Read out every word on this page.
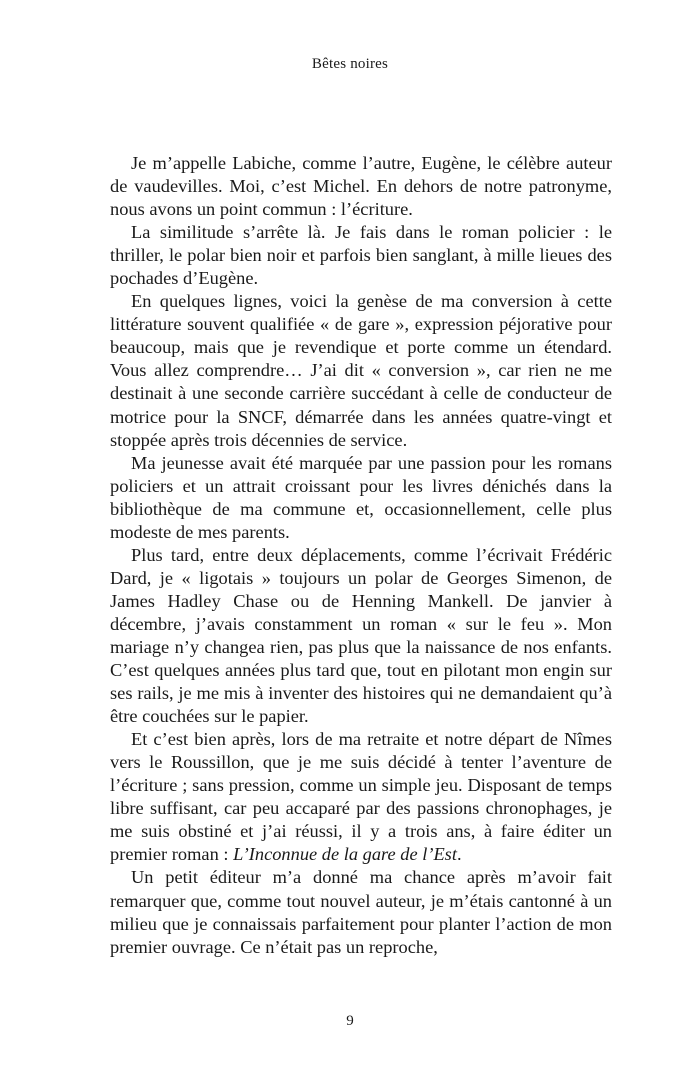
Bêtes noires

Je m’appelle Labiche, comme l’autre, Eugène, le célèbre auteur de vaudevilles. Moi, c’est Michel. En dehors de notre patronyme, nous avons un point commun : l’écriture.

La similitude s’arrête là. Je fais dans le roman policier : le thriller, le polar bien noir et parfois bien sanglant, à mille lieues des pochades d’Eugène.

En quelques lignes, voici la genèse de ma conversion à cette littérature souvent qualifiée « de gare », expression péjorative pour beaucoup, mais que je revendique et porte comme un étendard. Vous allez comprendre… J’ai dit « conversion », car rien ne me destinait à une seconde carrière succédant à celle de conducteur de motrice pour la SNCF, démarrée dans les années quatre-vingt et stoppée après trois décennies de service.

Ma jeunesse avait été marquée par une passion pour les romans policiers et un attrait croissant pour les livres dénichés dans la bibliothèque de ma commune et, occasionnellement, celle plus modeste de mes parents.

Plus tard, entre deux déplacements, comme l’écrivait Frédéric Dard, je « ligotais » toujours un polar de Georges Simenon, de James Hadley Chase ou de Henning Mankell. De janvier à décembre, j’avais constamment un roman « sur le feu ». Mon mariage n’y changea rien, pas plus que la naissance de nos enfants. C’est quelques années plus tard que, tout en pilotant mon engin sur ses rails, je me mis à inventer des histoires qui ne demandaient qu’à être couchées sur le papier.

Et c’est bien après, lors de ma retraite et notre départ de Nîmes vers le Roussillon, que je me suis décidé à tenter l’aventure de l’écriture ; sans pression, comme un simple jeu. Disposant de temps libre suffisant, car peu accaparé par des passions chronophages, je me suis obstiné et j’ai réussi, il y a trois ans, à faire éditer un premier roman : L’Inconnue de la gare de l’Est.

Un petit éditeur m’a donné ma chance après m’avoir fait remarquer que, comme tout nouvel auteur, je m’étais cantonné à un milieu que je connaissais parfaitement pour planter l’action de mon premier ouvrage. Ce n’était pas un reproche,

9
